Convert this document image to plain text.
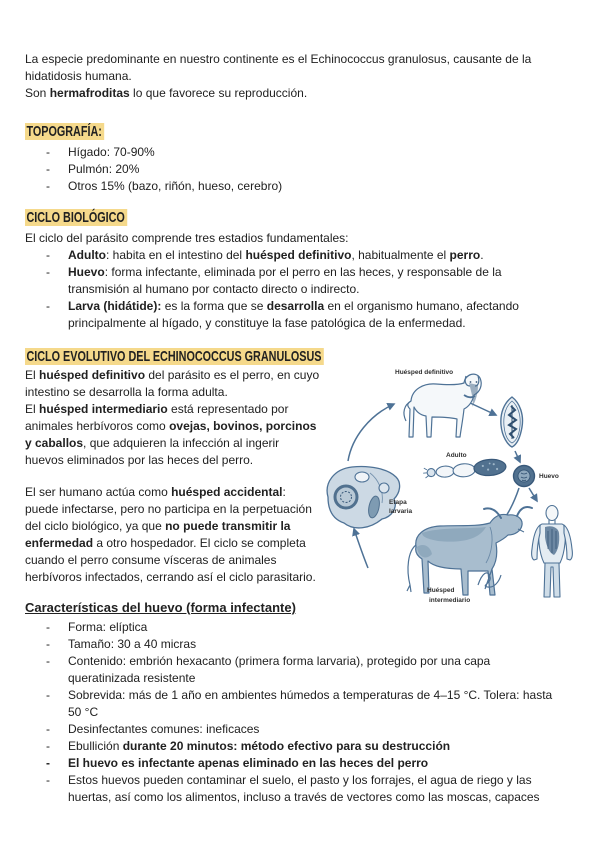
La especie predominante en nuestro continente es el Echinococcus granulosus, causante de la hidatidosis humana.

Son hermafroditas lo que favorece su reproducción.

TOPOGRAFÍA:
- Hígado: 70-90%
- Pulmón: 20%
- Otros 15% (bazo, riñón, hueso, cerebro)
CICLO BIOLÓGICO

El ciclo del parásito comprende tres estadios fundamentales:

- Adulto: habita en el intestino del huésped definitivo, habitualmente el perro.
- Huevo: forma infectante, eliminada por el perro en las heces, y responsable de la transmisión al humano por contacto directo o indirecto.
- Larva (hidátide): es la forma que se desarrolla en el organismo humano, afectando principalmente al hígado, y constituye la fase patológica de la enfermedad.
CICLO EVOLUTIVO DEL ECHINOCOCCUS GRANULOSUS

El huésped definitivo del parásito es el perro, en cuyo intestino se desarrolla la forma adulta.

El huésped intermediario está representado por animales herbívoros como ovejas, bovinos, porcinos y caballos, que adquieren la infección al ingerir huevos eliminados por las heces del perro.

El ser humano actúa como huésped accidental: puede infectarse, pero no participa en la perpetuación del ciclo biológico, ya que no puede transmitir la enfermedad a otro hospedador. El ciclo se completa cuando el perro consume vísceras de animales herbívoros infectados, cerrando así el ciclo parasitario.

Huésped definitivo
Adulto
Huevo
Etapa
larvaria
Huésped
intermediario
Características del huevo (forma infectante)
- Forma: elíptica
- Tamaño: 30 a 40 micras
- Contenido: embrión hexacanto (primera forma larvaria), protegido por una capa queratinizada resistente
- Sobrevida: más de 1 año en ambientes húmedos a temperaturas de 4–15 °C. Tolera: hasta 50 °C
- Desinfectantes comunes: ineficaces
- Ebullición durante 20 minutos: método efectivo para su destrucción
- El huevo es infectante apenas eliminado en las heces del perro
- Estos huevos pueden contaminar el suelo, el pasto y los forrajes, el agua de riego y las huertas, así como los alimentos, incluso a través de vectores como las moscas, capaces
